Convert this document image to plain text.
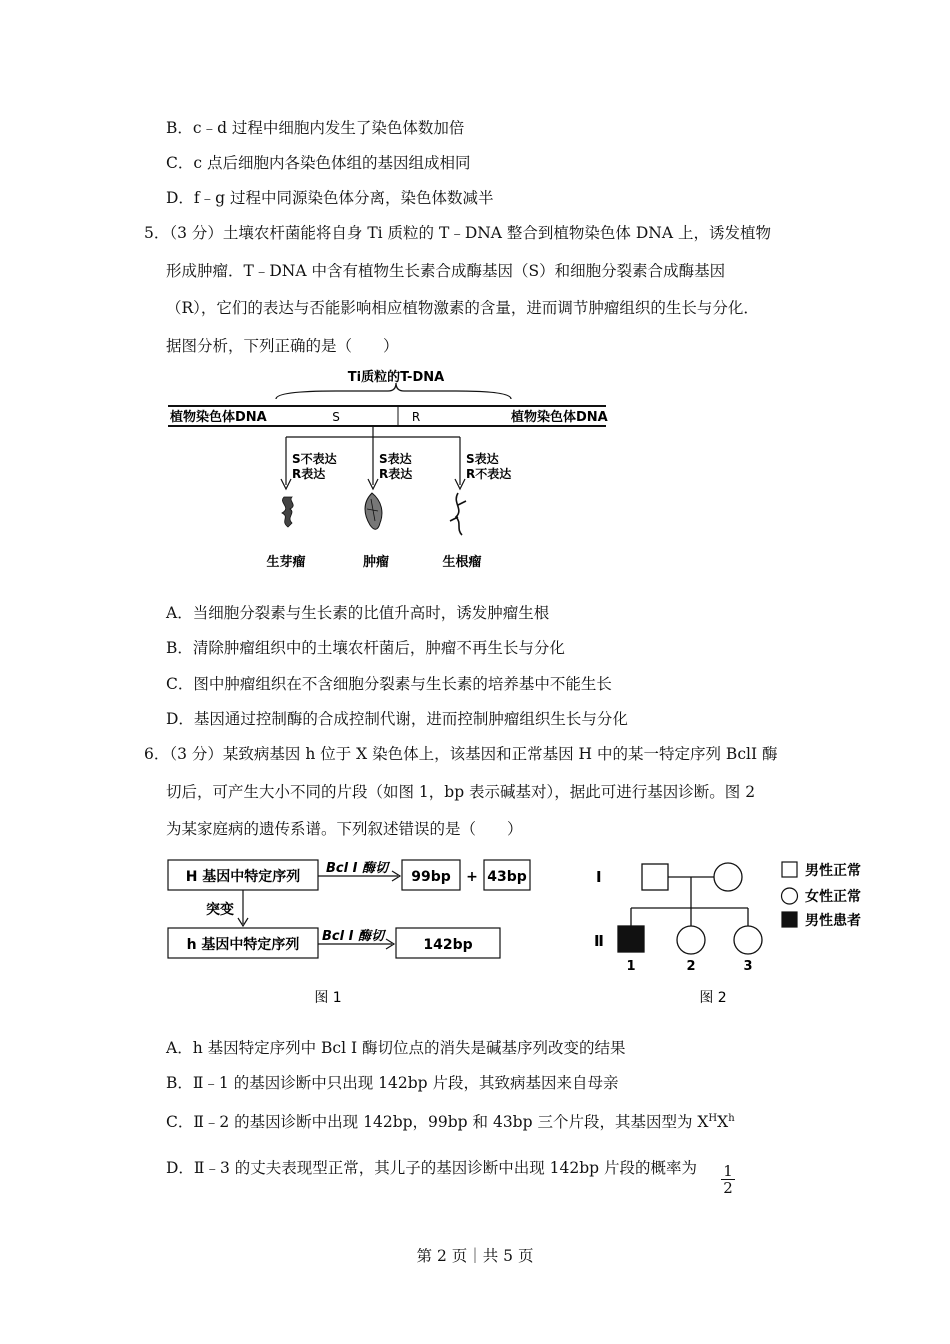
B．c﹣d 过程中细胞内发生了染色体数加倍
C．c 点后细胞内各染色体组的基因组成相同
D．f﹣g 过程中同源染色体分离，染色体数减半
5．（3 分）土壤农杆菌能将自身 Ti 质粒的 T﹣DNA 整合到植物染色体 DNA 上，诱发植物
形成肿瘤．T﹣DNA 中含有植物生长素合成酶基因（S）和细胞分裂素合成酶基因
（R），它们的表达与否能影响相应植物激素的含量，进而调节肿瘤组织的生长与分化．
据图分析，下列正确的是（　　）
Ti质粒的T-DNA
植物染色体DNA	植物染色体DNA
S	R
S不表达
R表达
S表达
R表达
S表达
R不表达
生芽瘤	肿瘤	生根瘤
A．当细胞分裂素与生长素的比值升高时，诱发肿瘤生根
B．清除肿瘤组织中的土壤农杆菌后，肿瘤不再生长与分化
C．图中肿瘤组织在不含细胞分裂素与生长素的培养基中不能生长
D．基因通过控制酶的合成控制代谢，进而控制肿瘤组织生长与分化
6．（3 分）某致病基因 h 位于 X 染色体上，该基因和正常基因 H 中的某一特定序列 BclI 酶
切后，可产生大小不同的片段（如图 1，bp 表示碱基对），据此可进行基因诊断。图 2
为某家庭病的遗传系谱。下列叙述错误的是（　　）
H 基因中特定序列
Bcl Ⅰ 酶切
99bp + 43bp
突变
h 基因中特定序列
Bcl Ⅰ 酶切
142bp
图 1
Ⅰ
Ⅱ
1	2	3
男性正常
女性正常
男性患者
图 2
A．h 基因特定序列中 Bcl Ⅰ 酶切位点的消失是碱基序列改变的结果
B．Ⅱ﹣1 的基因诊断中只出现 142bp 片段，其致病基因来自母亲
C．Ⅱ﹣2 的基因诊断中出现 142bp，99bp 和 43bp 三个片段，其基因型为 $X^HX^h$
D．Ⅱ﹣3 的丈夫表现型正常，其儿子的基因诊断中出现 142bp 片段的概率为 $\frac{1}{2}$
第 2 页｜共 5 页
